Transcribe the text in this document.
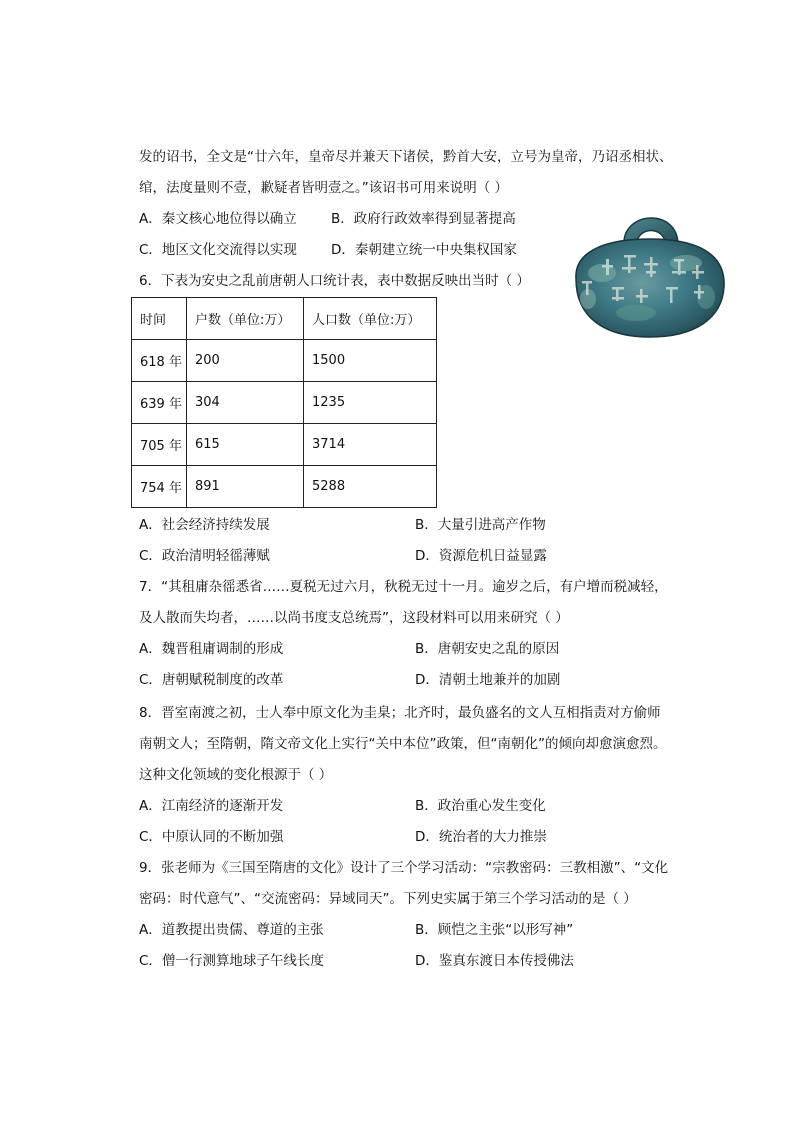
发的诏书，全文是“廿六年，皇帝尽并兼天下诸侯，黔首大安，立号为皇帝，乃诏丞相状、
绾，法度量则不壹，歉疑者皆明壹之。”该诏书可用来说明（ ）
A．秦文核心地位得以确立	B．政府行政效率得到显著提高
C．地区文化交流得以实现	D．秦朝建立统一中央集权国家
6．下表为安史之乱前唐朝人口统计表，表中数据反映出当时（ ）
时间	户数（单位:万）	人口数（单位:万）
618 年	200	1500
639 年	304	1235
705 年	615	3714
754 年	891	5288
A．社会经济持续发展	B．大量引进高产作物
C．政治清明轻徭薄赋	D．资源危机日益显露
7．“其租庸杂徭悉省……夏税无过六月，秋税无过十一月。逾岁之后，有户增而税减轻，
及人散而失均者，……以尚书度支总统焉”，这段材料可以用来研究（ ）
A．魏晋租庸调制的形成	B．唐朝安史之乱的原因
C．唐朝赋税制度的改革	D．清朝土地兼并的加剧
8．晋室南渡之初，士人奉中原文化为圭臬；北齐时，最负盛名的文人互相指责对方偷师
南朝文人；至隋朝，隋文帝文化上实行“关中本位”政策，但“南朝化”的倾向却愈演愈烈。
这种文化领域的变化根源于（ ）
A．江南经济的逐渐开发	B．政治重心发生变化
C．中原认同的不断加强	D．统治者的大力推崇
9．张老师为《三国至隋唐的文化》设计了三个学习活动：“宗教密码：三教相激”、“文化
密码：时代意气”、“交流密码：异域同天”。下列史实属于第三个学习活动的是（ ）
A．道教提出贵儒、尊道的主张	B．顾恺之主张“以形写神”
C．僧一行测算地球子午线长度	D．鉴真东渡日本传授佛法
